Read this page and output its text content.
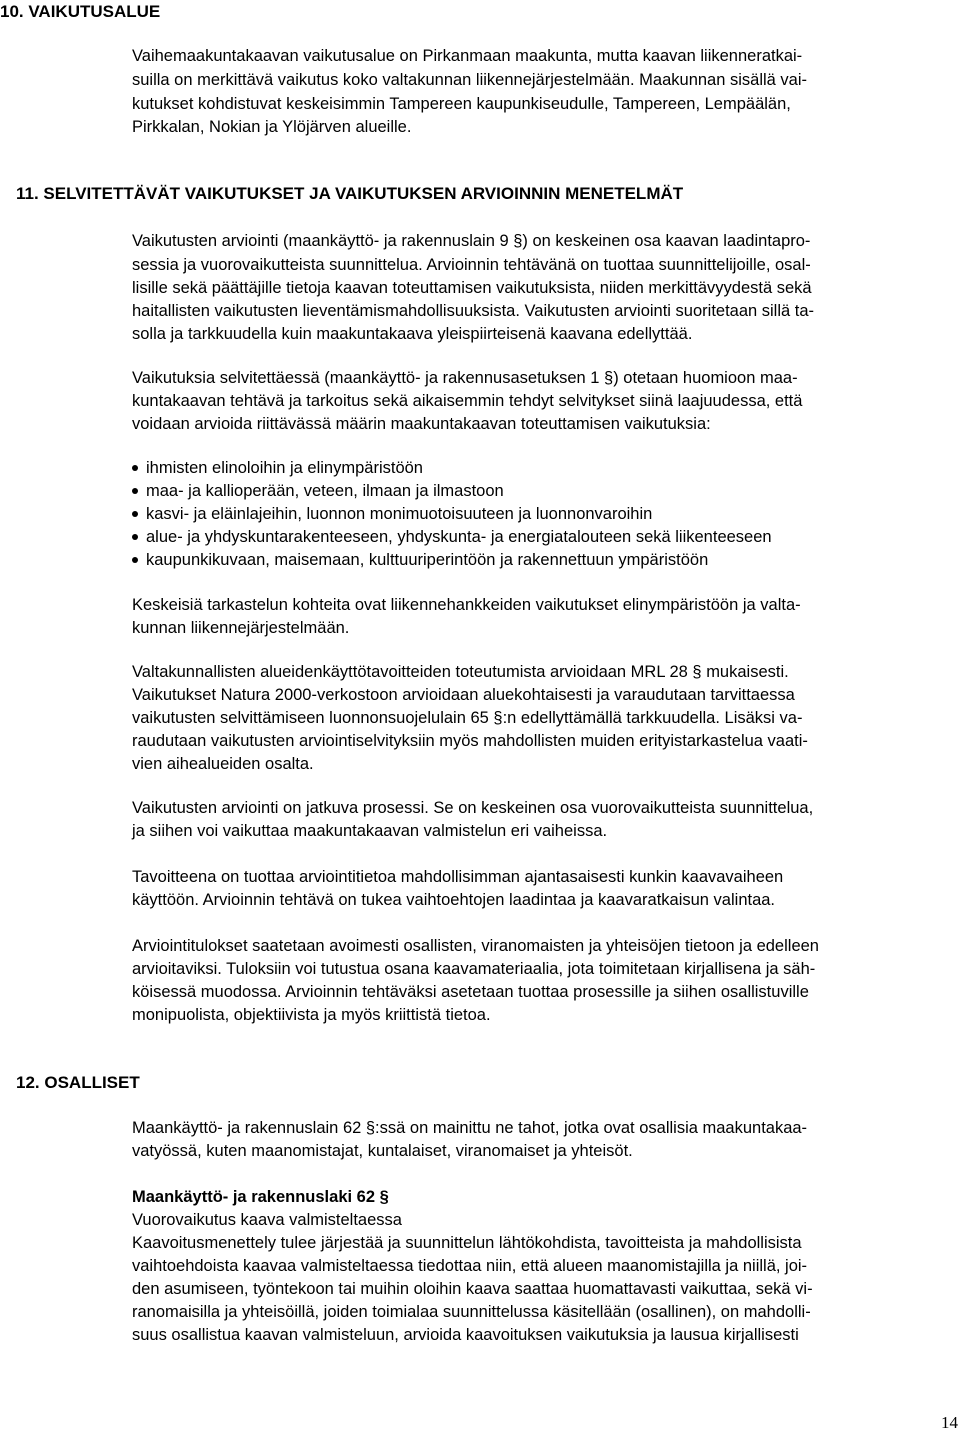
10. VAIKUTUSALUE
Vaihemaakuntakaavan vaikutusalue on Pirkanmaan maakunta, mutta kaavan liikenneratkai-
suilla on merkittävä vaikutus koko valtakunnan liikennejärjestelmään. Maakunnan sisällä vai-
kutukset kohdistuvat keskeisimmin Tampereen kaupunkiseudulle, Tampereen, Lempäälän,
Pirkkalan, Nokian ja Ylöjärven alueille.
11. SELVITETTÄVÄT VAIKUTUKSET JA VAIKUTUKSEN ARVIOINNIN MENETELMÄT
Vaikutusten arviointi (maankäyttö- ja rakennuslain 9 §) on keskeinen osa kaavan laadintapro-
sessia ja vuorovaikutteista suunnittelua. Arvioinnin tehtävänä on tuottaa suunnittelijoille, osal-
lisille sekä päättäjille tietoja kaavan toteuttamisen vaikutuksista, niiden merkittävyydestä sekä
haitallisten vaikutusten lieventämismahdollisuuksista. Vaikutusten arviointi suoritetaan sillä ta-
solla ja tarkkuudella kuin maakuntakaava yleispiirteisenä kaavana edellyttää.
Vaikutuksia selvitettäessä (maankäyttö- ja rakennusasetuksen 1 §) otetaan huomioon maa-
kuntakaavan tehtävä ja tarkoitus sekä aikaisemmin tehdyt selvitykset siinä laajuudessa, että
voidaan arvioida riittävässä määrin maakuntakaavan toteuttamisen vaikutuksia:
ihmisten elinoloihin ja elinympäristöön
maa- ja kallioperään, veteen, ilmaan ja ilmastoon
kasvi- ja eläinlajeihin, luonnon monimuotoisuuteen ja luonnonvaroihin
alue- ja yhdyskuntarakenteeseen, yhdyskunta- ja energiatalouteen sekä liikenteeseen
kaupunkikuvaan, maisemaan, kulttuuriperintöön ja rakennettuun ympäristöön
Keskeisiä tarkastelun kohteita ovat liikennehankkeiden vaikutukset elinympäristöön ja valta-
kunnan liikennejärjestelmään.
Valtakunnallisten alueidenkäyttötavoitteiden toteutumista arvioidaan MRL 28 § mukaisesti.
Vaikutukset Natura 2000-verkostoon arvioidaan aluekohtaisesti ja varaudutaan tarvittaessa
vaikutusten selvittämiseen luonnonsuojelulain 65 §:n edellyttämällä tarkkuudella. Lisäksi va-
raudutaan vaikutusten arviointiselvityksiin myös mahdollisten muiden erityistarkastelua vaati-
vien aihealueiden osalta.
Vaikutusten arviointi on jatkuva prosessi. Se on keskeinen osa vuorovaikutteista suunnittelua,
ja siihen voi vaikuttaa maakuntakaavan valmistelun eri vaiheissa.
Tavoitteena on tuottaa arviointitietoa mahdollisimman ajantasaisesti kunkin kaavavaiheen
käyttöön. Arvioinnin tehtävä on tukea vaihtoehtojen laadintaa ja kaavaratkaisun valintaa.
Arviointitulokset saatetaan avoimesti osallisten, viranomaisten ja yhteisöjen tietoon ja edelleen
arvioitaviksi. Tuloksiin voi tutustua osana kaavamateriaalia, jota toimitetaan kirjallisena ja säh-
köisessä muodossa. Arvioinnin tehtäväksi asetetaan tuottaa prosessille ja siihen osallistuville
monipuolista, objektiivista ja myös kriittistä tietoa.
12. OSALLISET
Maankäyttö- ja rakennuslain 62 §:ssä on mainittu ne tahot, jotka ovat osallisia maakuntakaa-
vatyössä, kuten maanomistajat, kuntalaiset, viranomaiset ja yhteisöt.
Maankäyttö- ja rakennuslaki 62 §
Vuorovaikutus kaava valmisteltaessa
Kaavoitusmenettely tulee järjestää ja suunnittelun lähtökohdista, tavoitteista ja mahdollisista
vaihtoehdoista kaavaa valmisteltaessa tiedottaa niin, että alueen maanomistajilla ja niillä, joi-
den asumiseen, työntekoon tai muihin oloihin kaava saattaa huomattavasti vaikuttaa, sekä vi-
ranomaisilla ja yhteisöillä, joiden toimialaa suunnittelussa käsitellään (osallinen), on mahdolli-
suus osallistua kaavan valmisteluun, arvioida kaavoituksen vaikutuksia ja lausua kirjallisesti
14
